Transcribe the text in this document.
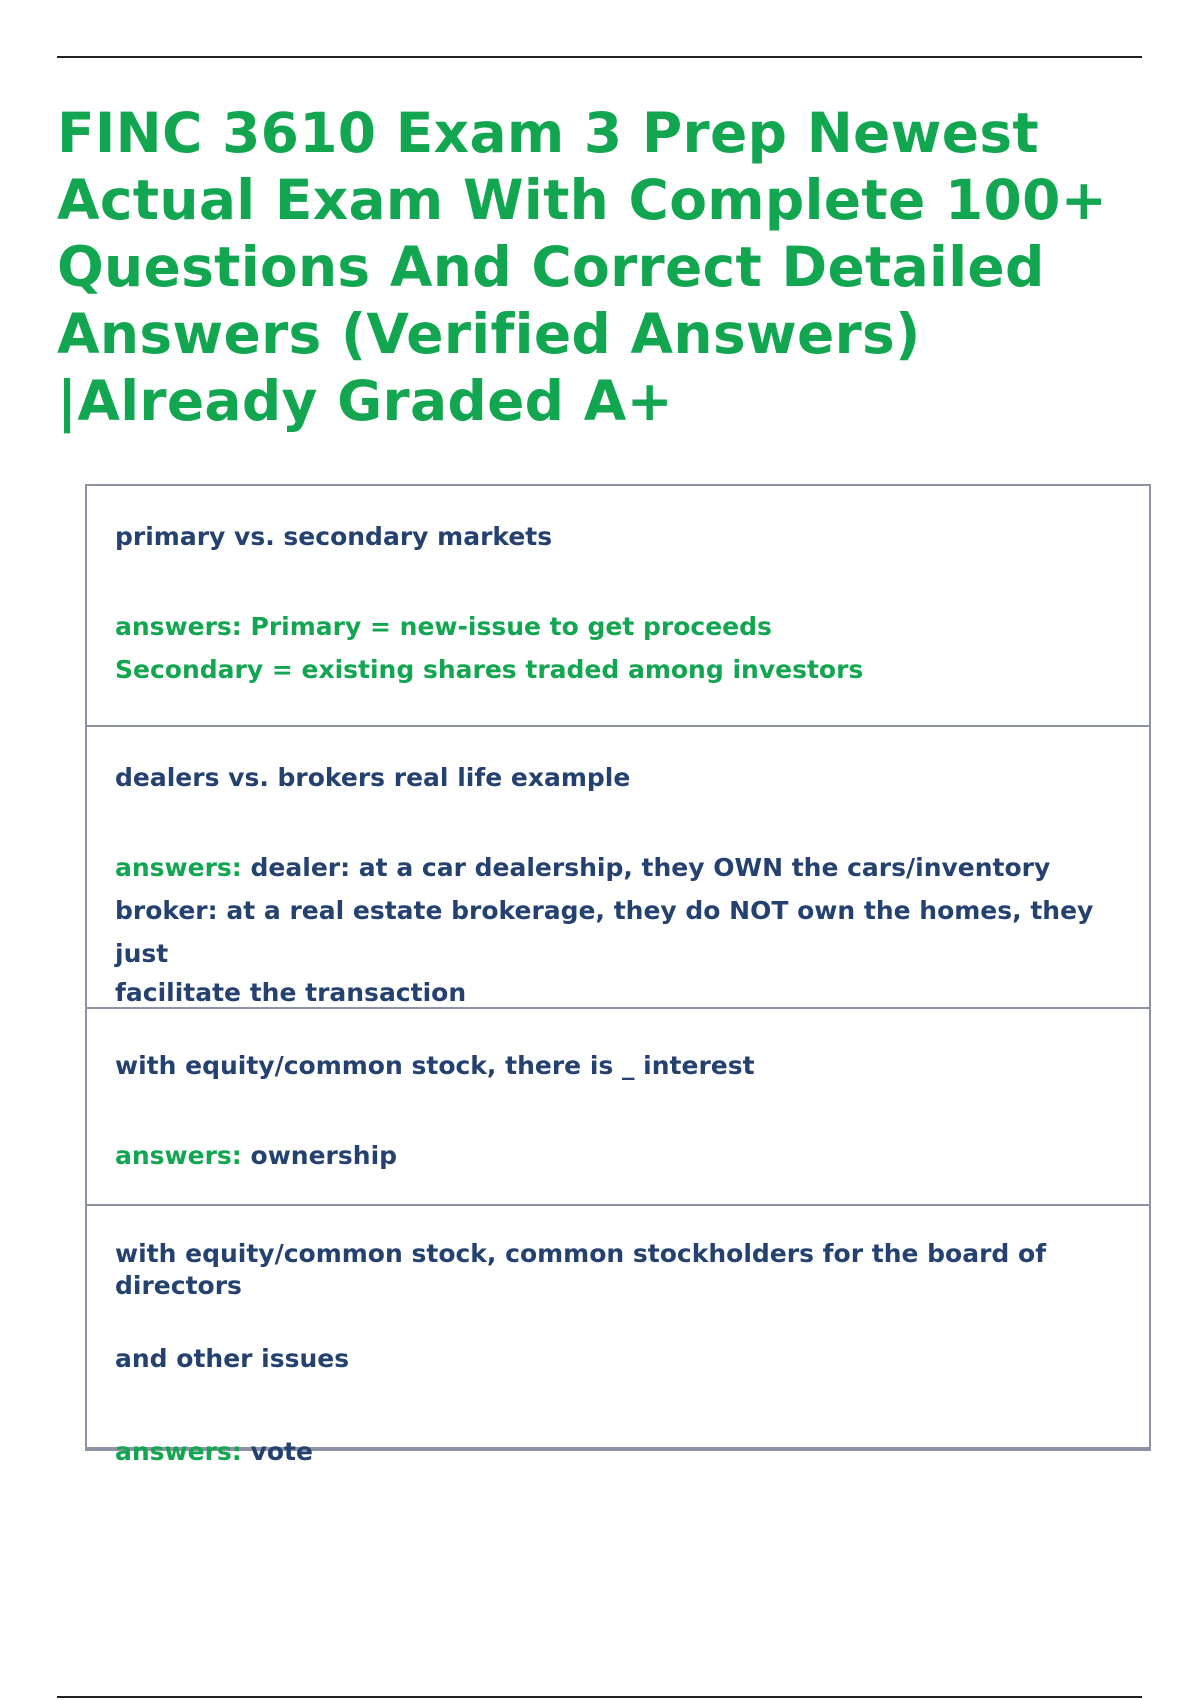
FINC 3610 Exam 3 Prep Newest Actual Exam With Complete 100+ Questions And Correct Detailed Answers (Verified Answers) |Already Graded A+
primary vs. secondary markets
answers: Primary = new-issue to get proceeds
Secondary = existing shares traded among investors
dealers vs. brokers real life example
answers: dealer: at a car dealership, they OWN the cars/inventory
broker: at a real estate brokerage, they do NOT own the homes, they just
facilitate the transaction
with equity/common stock, there is _ interest
answers: ownership
with equity/common stock, common stockholders for the board of directors
and other issues
answers: vote
